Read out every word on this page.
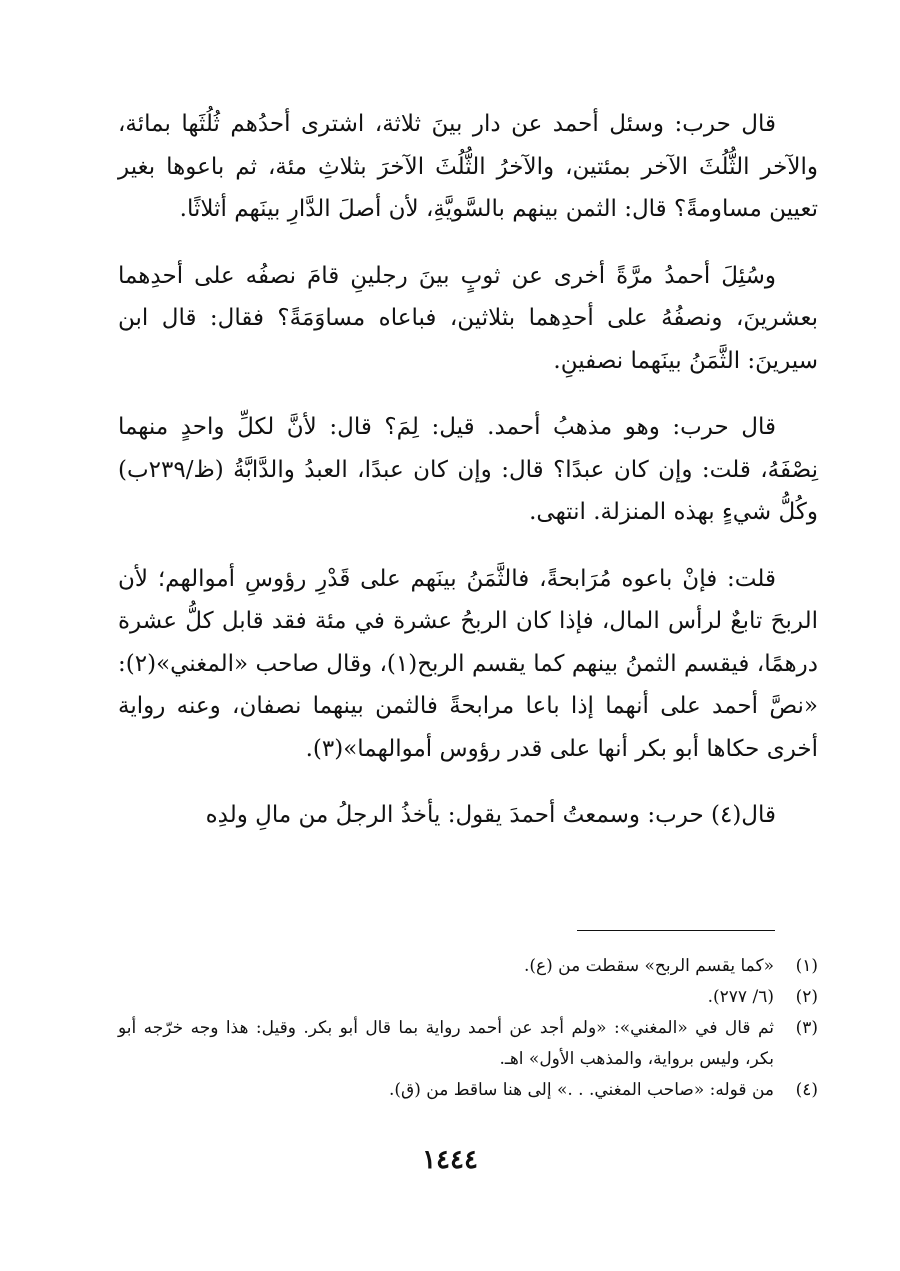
قال حرب: وسئل أحمد عن دار بينَ ثلاثة، اشترى أحدُهم ثُلُثَها بمائة، والآخر الثُّلُثَ الآخر بمئتين، والآخرُ الثُّلُثَ الآخرَ بثلاثِ مئة، ثم باعوها بغير تعيين مساومةً؟ قال: الثمن بينهم بالسَّويَّةِ، لأن أصلَ الدَّارِ بينَهم أثلاثًا.

وسُئِلَ أحمدُ مرَّةً أخرى عن ثوبٍ بينَ رجلينِ قامَ نصفُه على أحدِهما بعشرينَ، ونصفُهُ على أحدِهما بثلاثين، فباعاه مساوَمَةً؟ فقال: قال ابن سيرينَ: الثَّمَنُ بينَهما نصفينِ.

قال حرب: وهو مذهبُ أحمد. قيل: لِمَ؟ قال: لأنَّ لكلِّ واحدٍ منهما نِصْفَهُ، قلت: وإن كان عبدًا؟ قال: وإن كان عبدًا، العبدُ والدَّابَّةُ (ظ/٢٣٩ب) وكُلُّ شيءٍ بهذه المنزلة. انتهى.

قلت: فإنْ باعوه مُرَابحةً، فالثَّمَنُ بينَهم على قَدْرِ رؤوسِ أموالهم؛ لأن الربحَ تابعٌ لرأس المال، فإذا كان الربحُ عشرة في مئة فقد قابل كلُّ عشرة درهمًا، فيقسم الثمنُ بينهم كما يقسم الربح(١)، وقال صاحب «المغني»(٢): «نصَّ أحمد على أنهما إذا باعا مرابحةً فالثمن بينهما نصفان، وعنه رواية أخرى حكاها أبو بكر أنها على قدر رؤوس أموالهما»(٣).

قال(٤) حرب: وسمعتُ أحمدَ يقول: يأخذُ الرجلُ من مالِ ولدِه

(١)
«كما يقسم الربح» سقطت من (ع).
(٢)
(٦/ ٢٧٧).
(٣)
ثم قال في «المغني»: «ولم أجد عن أحمد رواية بما قال أبو بكر. وقيل: هذا وجه خرّجه أبو بكر، وليس برواية، والمذهب الأول» اهـ.
(٤)
من قوله: «صاحب المغني. . .» إلى هنا ساقط من (ق).
١٤٤٤
